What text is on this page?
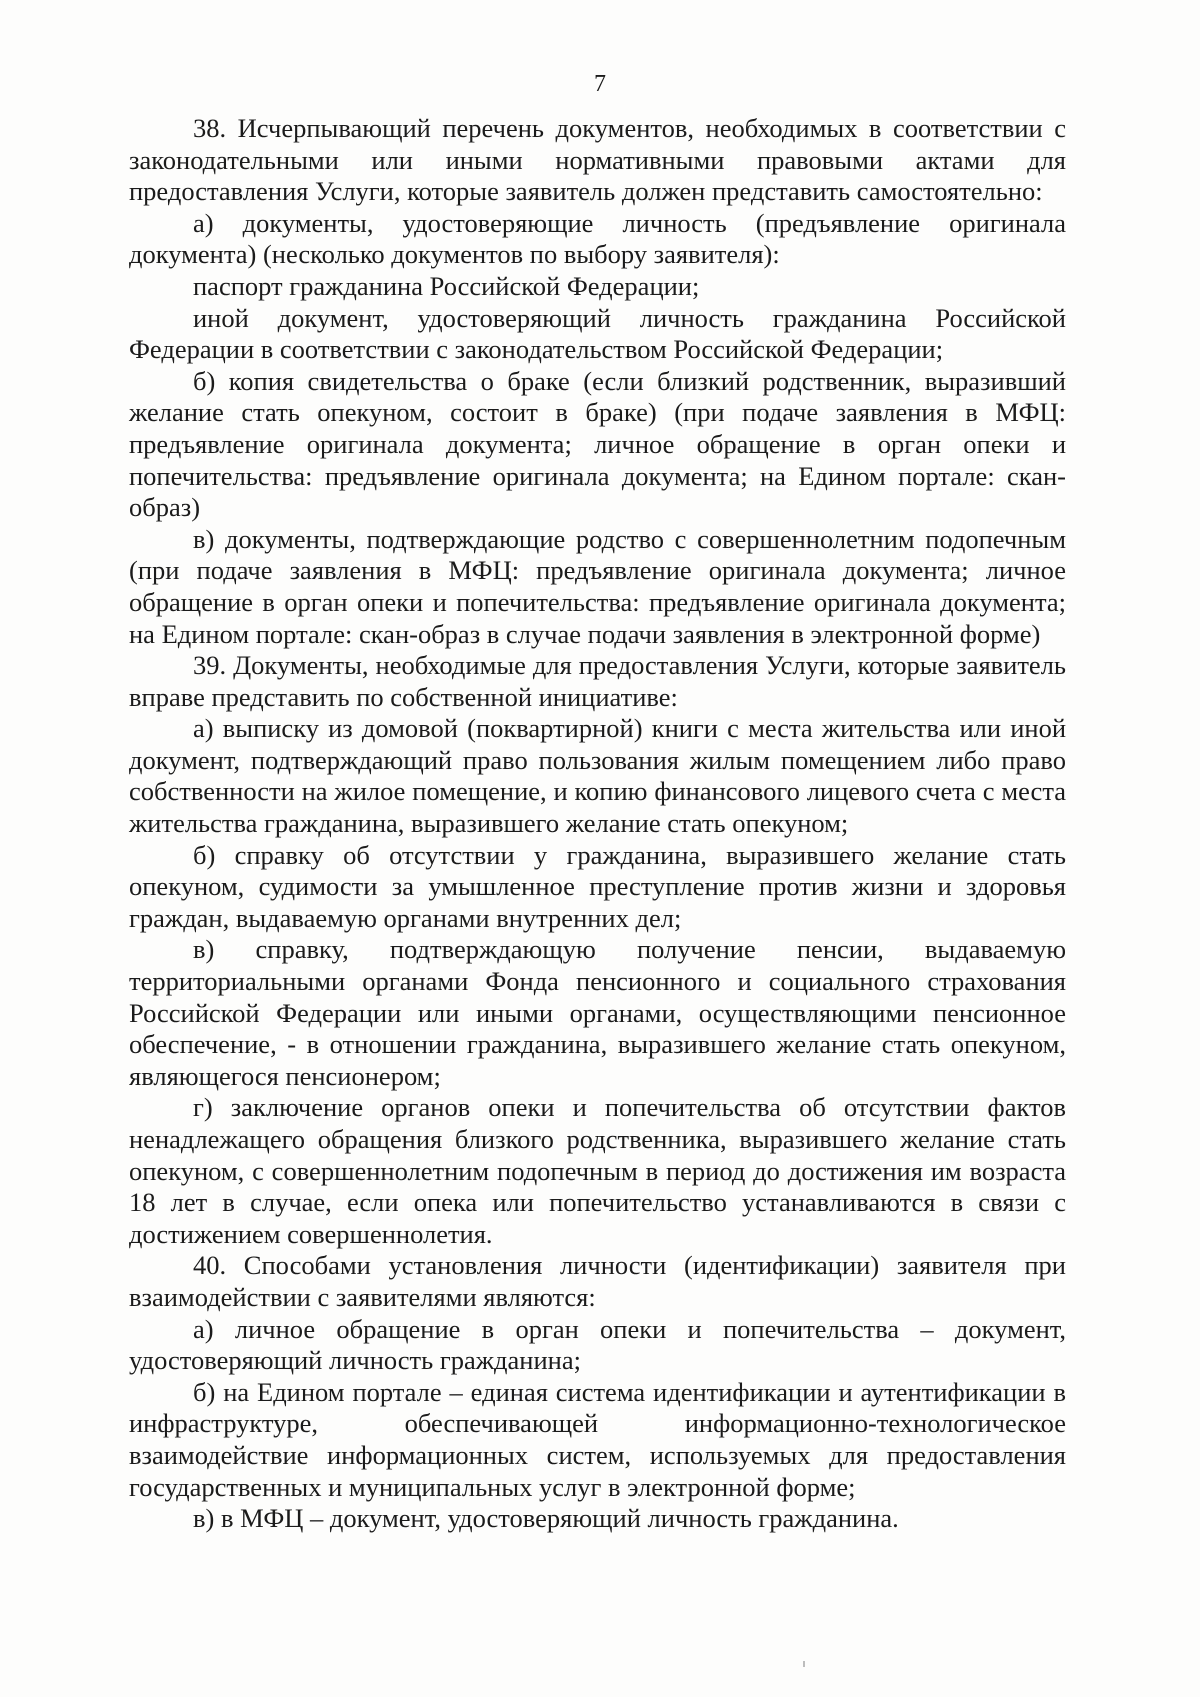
7

38. Исчерпывающий перечень документов, необходимых в соответствии с законодательными или иными нормативными правовыми актами для предоставления Услуги, которые заявитель должен представить самостоятельно:

а) документы, удостоверяющие личность (предъявление оригинала документа) (несколько документов по выбору заявителя):

паспорт гражданина Российской Федерации;

иной документ, удостоверяющий личность гражданина Российской Федерации в соответствии с законодательством Российской Федерации;

б) копия свидетельства о браке (если близкий родственник, выразивший желание стать опекуном, состоит в браке) (при подаче заявления в МФЦ: предъявление оригинала документа; личное обращение в орган опеки и попечительства: предъявление оригинала документа; на Едином портале: скан-образ)

в) документы, подтверждающие родство с совершеннолетним подопечным (при подаче заявления в МФЦ: предъявление оригинала документа; личное обращение в орган опеки и попечительства: предъявление оригинала документа; на Едином портале: скан-образ в случае подачи заявления в электронной форме)

39. Документы, необходимые для предоставления Услуги, которые заявитель вправе представить по собственной инициативе:

а) выписку из домовой (поквартирной) книги с места жительства или иной документ, подтверждающий право пользования жилым помещением либо право собственности на жилое помещение, и копию финансового лицевого счета с места жительства гражданина, выразившего желание стать опекуном;

б) справку об отсутствии у гражданина, выразившего желание стать опекуном, судимости за умышленное преступление против жизни и здоровья граждан, выдаваемую органами внутренних дел;

в) справку, подтверждающую получение пенсии, выдаваемую территориальными органами Фонда пенсионного и социального страхования Российской Федерации или иными органами, осуществляющими пенсионное обеспечение, - в отношении гражданина, выразившего желание стать опекуном, являющегося пенсионером;

г) заключение органов опеки и попечительства об отсутствии фактов ненадлежащего обращения близкого родственника, выразившего желание стать опекуном, с совершеннолетним подопечным в период до достижения им возраста 18 лет в случае, если опека или попечительство устанавливаются в связи с достижением совершеннолетия.

40. Способами установления личности (идентификации) заявителя при взаимодействии с заявителями являются:

а) личное обращение в орган опеки и попечительства – документ, удостоверяющий личность гражданина;

б) на Едином портале – единая система идентификации и аутентификации в инфраструктуре, обеспечивающей информационно-технологическое взаимодействие информационных систем, используемых для предоставления государственных и муниципальных услуг в электронной форме;

в) в МФЦ – документ, удостоверяющий личность гражданина.
